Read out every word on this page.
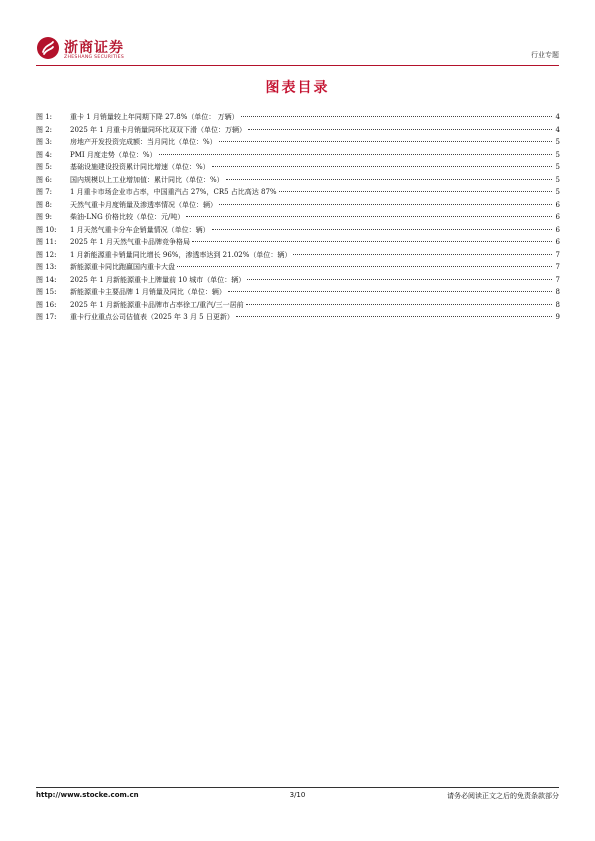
浙商证券
ZHESHANG SECURITIES	行业专题
图表目录
图 1:	重卡 1 月销量较上年同期下降 27.8%（单位： 万辆）	4
图 2:	2025 年 1 月重卡月销量同环比双双下滑（单位：万辆）	4
图 3:	房地产开发投资完成额：当月同比（单位：%）	5
图 4:	PMI 月度走势（单位：%）	5
图 5:	基础设施建设投资累计同比增速（单位：%）	5
图 6:	国内规模以上工业增加值：累计同比（单位：%）	5
图 7:	1 月重卡市场企业市占率，中国重汽占 27%，CR5 占比高达 87%	5
图 8:	天然气重卡月度销量及渗透率情况（单位：辆）	6
图 9:	柴油-LNG 价格比较（单位：元/吨）	6
图 10:	1 月天然气重卡分车企销量情况（单位：辆）	6
图 11:	2025 年 1 月天然气重卡品牌竞争格局	6
图 12:	1 月新能源重卡销量同比增长 96%，渗透率达到 21.02%（单位：辆）	7
图 13:	新能源重卡同比跑赢国内重卡大盘	7
图 14:	2025 年 1 月新能源重卡上牌量前 10 城市（单位：辆）	7
图 15:	新能源重卡主要品牌 1 月销量及同比（单位：辆）	8
图 16:	2025 年 1 月新能源重卡品牌市占率徐工/重汽/三一居前	8
图 17:	重卡行业重点公司估值表（2025 年 3 月 5 日更新）	9
http://www.stocke.com.cn	3/10	请务必阅读正文之后的免责条款部分
